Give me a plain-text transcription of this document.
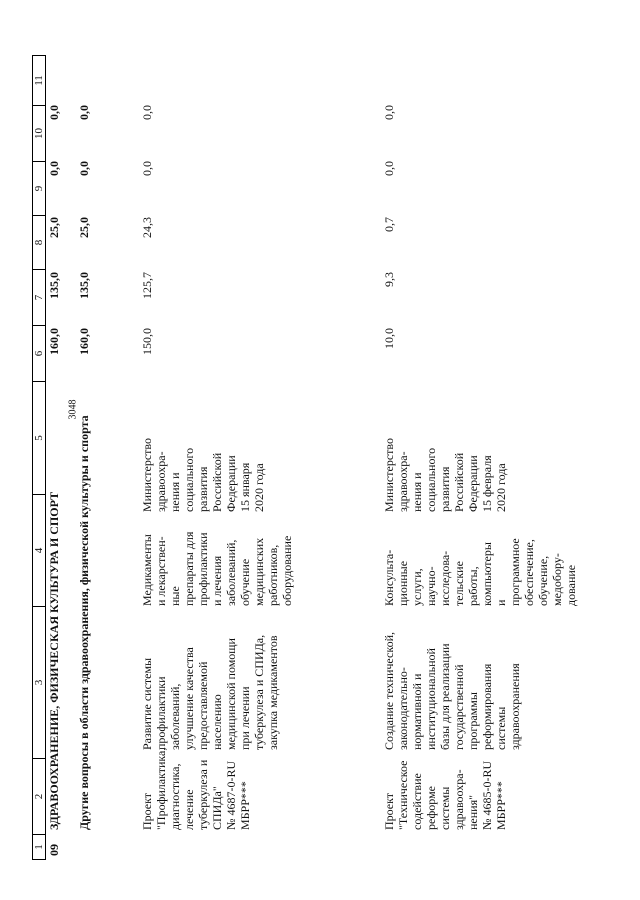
3048
1
2
3
4
5
6
7
8
9
10
11
09
ЗДРАВООХРАНЕНИЕ, ФИЗИЧЕСКАЯ КУЛЬТУРА И СПОРТ
160,0
135,0
25,0
0,0
0,0
Другие вопросы в области здравоохранения, физической культуры и спорта
160,0
135,0
25,0
0,0
0,0
Проект
"Профилактика,
диагностика,
лечение
туберкулеза и
СПИДа"
№ 4687-0-RU
МБРР***
Развитие системы
профилактики
заболеваний,
улучшение качества
предоставляемой
населению
медицинской помощи
при лечении
туберкулеза и СПИДа,
закупка медикаментов
Медикаменты
и лекарствен-
ные
препараты для
профилактики
и лечения
заболеваний,
обучение
медицинских
работников,
оборудование
Министерство
здравоохра-
нения и
социального
развития
Российской
Федерации
15 января
2020 года
150,0
125,7
24,3
0,0
0,0
Проект
"Техническое
содействие
реформе
системы
здравоохра-
нения"
№ 4685-0-RU
МБРР***
Создание технической,
законодательно-
нормативной и
институциональной
базы для реализации
государственной
программы
реформирования
системы
здравоохранения
Консульта-
ционные
услуги,
научно-
исследова-
тельские
работы,
компьютеры
и
программное
обеспечение,
обучение,
медобору-
дование
Министерство
здравоохра-
нения и
социального
развития
Российской
Федерации
15 февраля
2020 года
10,0
9,3
0,7
0,0
0,0
